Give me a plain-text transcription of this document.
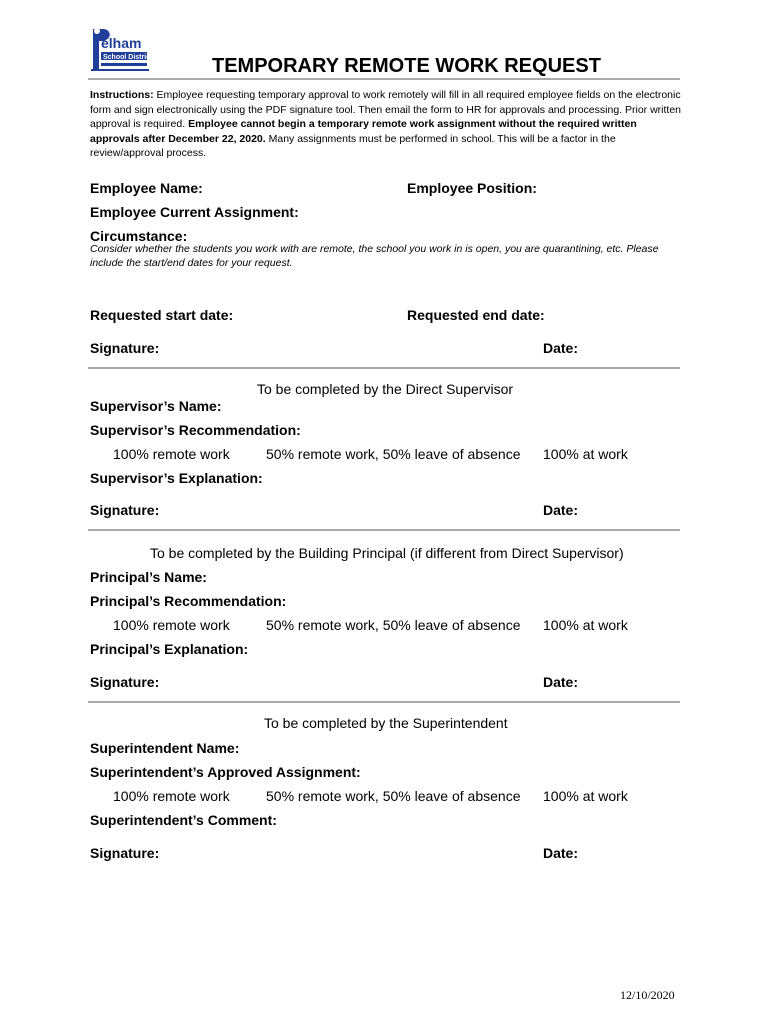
elham
School District	TEMPORARY REMOTE WORK REQUEST
Instructions: Employee requesting temporary approval to work remotely will fill in all required employee fields on the electronic form and sign electronically using the PDF signature tool. Then email the form to HR for approvals and processing. Prior written approval is required. Employee cannot begin a temporary remote work assignment without the required written approvals after December 22, 2020. Many assignments must be performed in school. This will be a factor in the review/approval process.
Employee Name:	Employee Position:
Employee Current Assignment:
Circumstance:
Consider whether the students you work with are remote, the school you work in is open, you are quarantining, etc. Please include the start/end dates for your request.
Requested start date:	Requested end date:
Signature:	Date:
To be completed by the Direct Supervisor
Supervisor’s Name:
Supervisor’s Recommendation:
100% remote work	50% remote work, 50% leave of absence 100% at work
Supervisor’s Explanation:
Signature:	Date:
To be completed by the Building Principal (if different from Direct Supervisor)
Principal’s Name:
Principal’s Recommendation:
100% remote work	50% remote work, 50% leave of absence 100% at work
Principal’s Explanation:
Signature:	Date:
To be completed by the Superintendent
Superintendent Name:
Superintendent’s Approved Assignment:
100% remote work	50% remote work, 50% leave of absence 100% at work
Superintendent’s Comment:
Signature:	Date:
12/10/2020
